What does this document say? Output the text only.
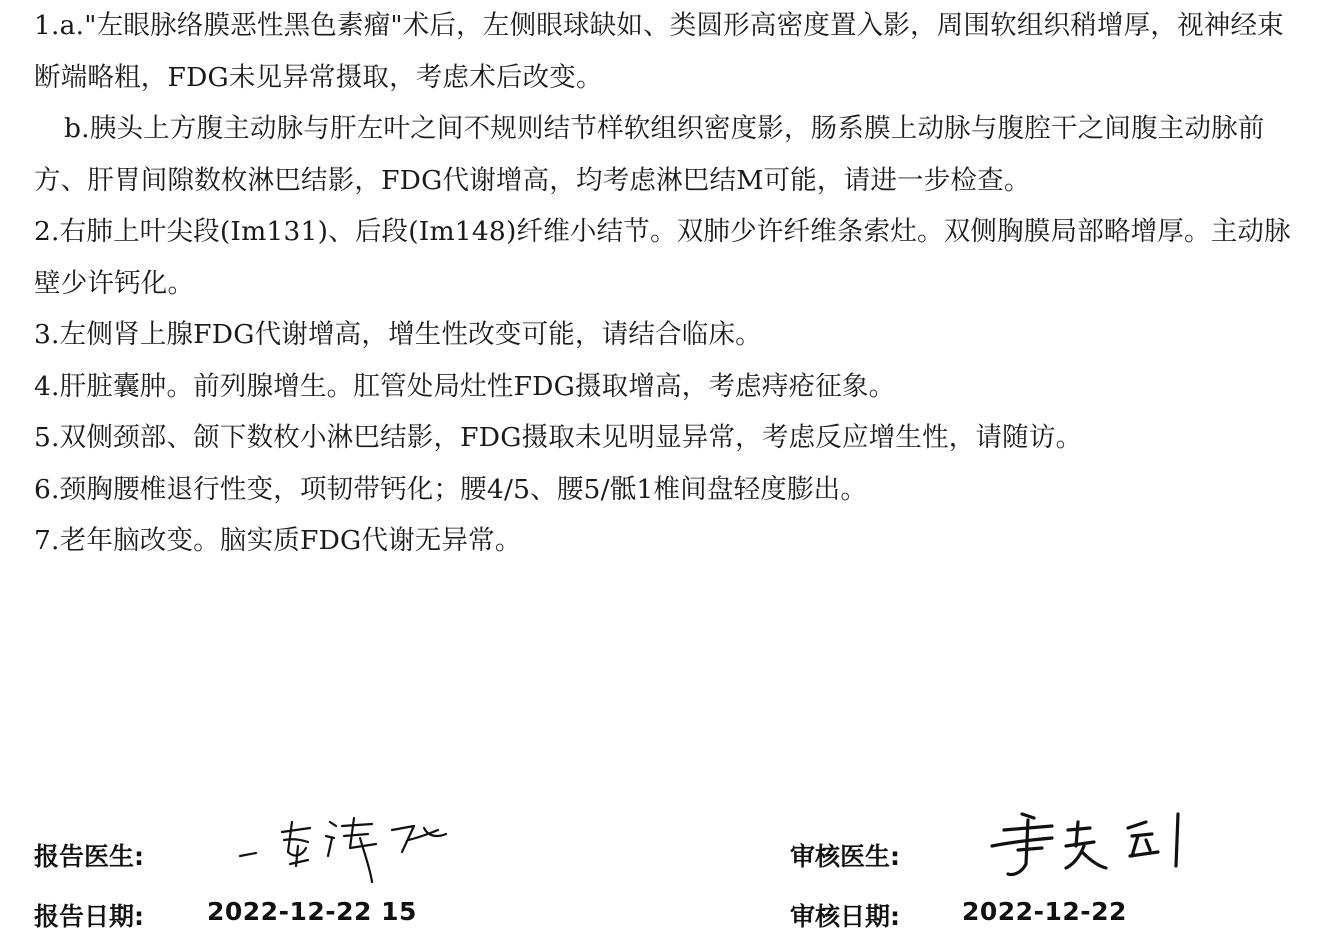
1.a."左眼脉络膜恶性黑色素瘤"术后，左侧眼球缺如、类圆形高密度置入影，周围软组织稍增厚，视神经束断端略粗，FDG未见异常摄取，考虑术后改变。

b.胰头上方腹主动脉与肝左叶之间不规则结节样软组织密度影，肠系膜上动脉与腹腔干之间腹主动脉前方、肝胃间隙数枚淋巴结影，FDG代谢增高，均考虑淋巴结M可能，请进一步检查。

2.右肺上叶尖段(Im131)、后段(Im148)纤维小结节。双肺少许纤维条索灶。双侧胸膜局部略增厚。主动脉壁少许钙化。

3.左侧肾上腺FDG代谢增高，增生性改变可能，请结合临床。

4.肝脏囊肿。前列腺增生。肛管处局灶性FDG摄取增高，考虑痔疮征象。

5.双侧颈部、颌下数枚小淋巴结影，FDG摄取未见明显异常，考虑反应增生性，请随访。

6.颈胸腰椎退行性变，项韧带钙化；腰4/5、腰5/骶1椎间盘轻度膨出。

7.老年脑改变。脑实质FDG代谢无异常。

报告医生:
报告日期:	2022-12-22 15
审核医生:
审核日期: 2022-12-22
